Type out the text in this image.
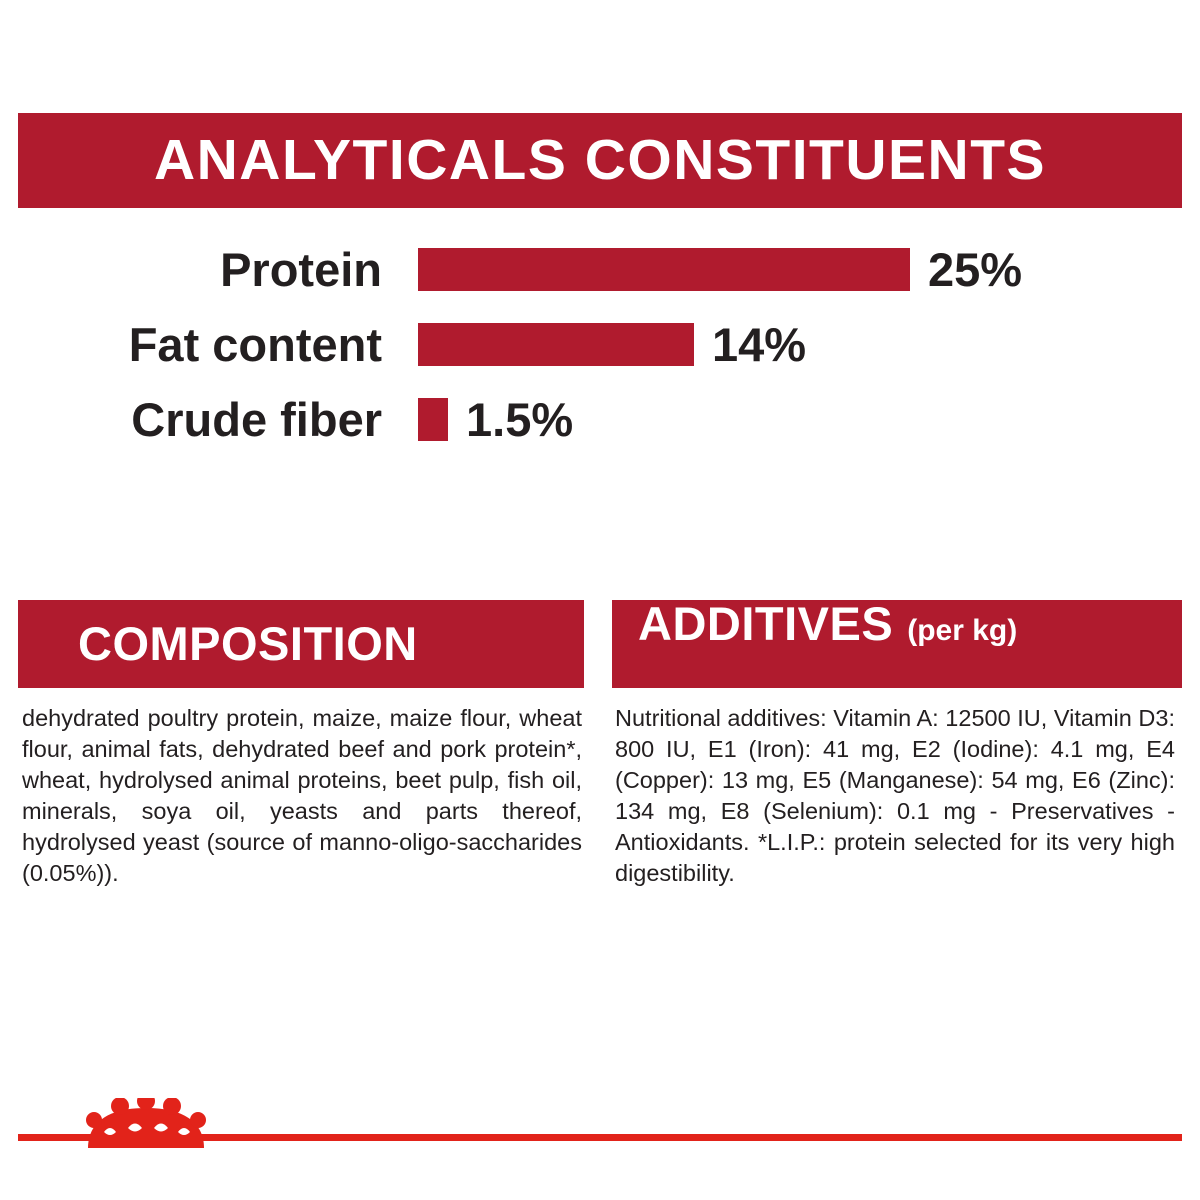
ANALYTICALS CONSTITUENTS
Protein	25%
Fat content	14%
Crude fiber	1.5%
COMPOSITION
dehydrated poultry protein, maize, maize flour, wheat flour, animal fats, dehydrated beef and pork protein*, wheat, hydrolysed animal proteins, beet pulp, fish oil, minerals, soya oil, yeasts and parts thereof, hydrolysed yeast (source of manno-oligo-saccharides (0.05%)).
ADDITIVES (per kg)
Nutritional additives: Vitamin A: 12500 IU, Vitamin D3: 800 IU, E1 (Iron): 41 mg, E2 (Iodine): 4.1 mg, E4 (Copper): 13 mg, E5 (Manganese): 54 mg, E6 (Zinc): 134 mg, E8 (Selenium): 0.1 mg - Preservatives - Antioxidants. *L.I.P.: protein selected for its very high digestibility.
